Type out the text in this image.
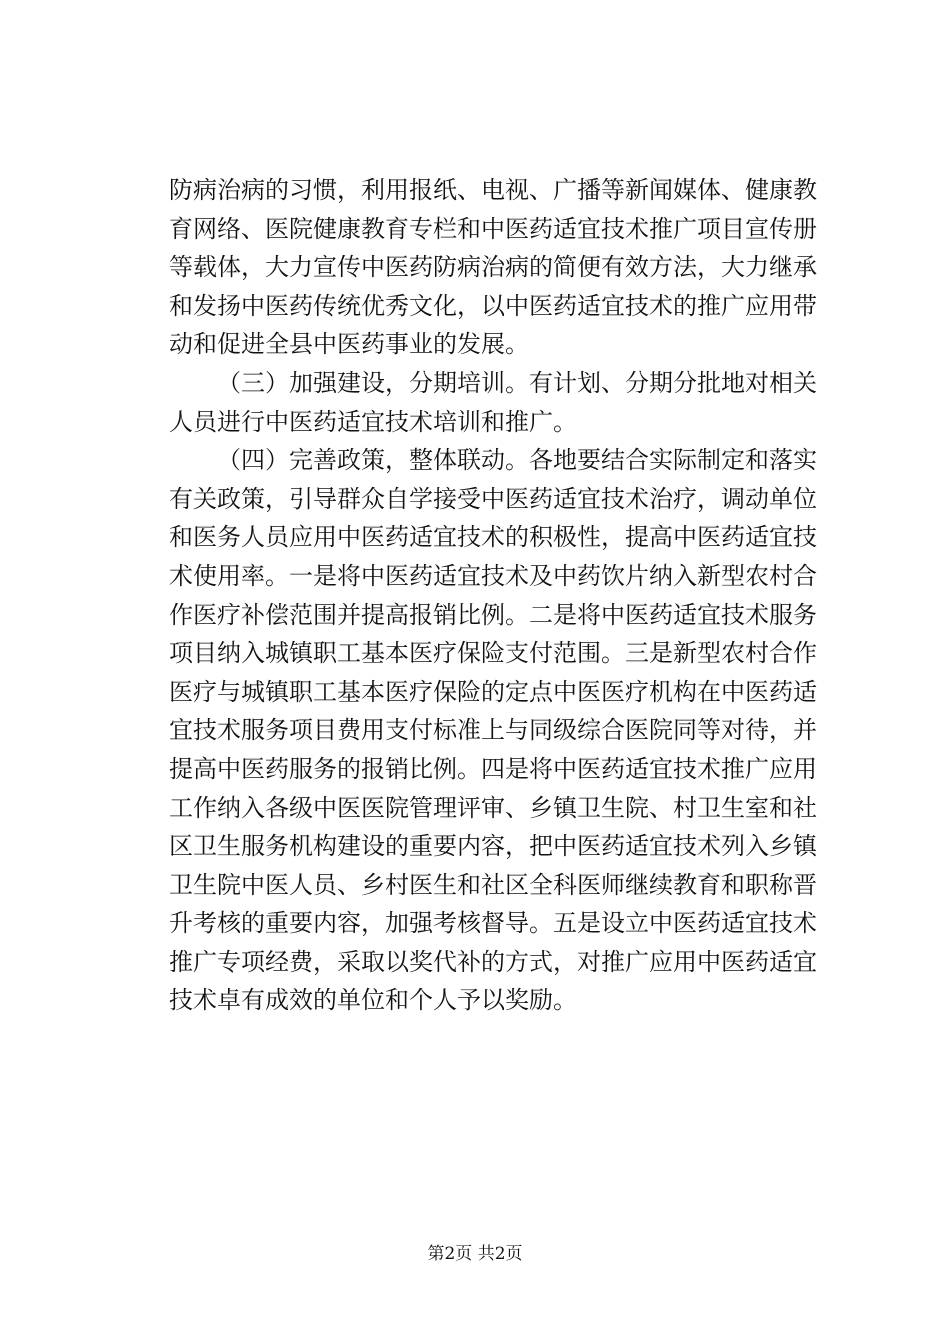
防病治病的习惯，利用报纸、电视、广播等新闻媒体、健康教
育网络、医院健康教育专栏和中医药适宜技术推广项目宣传册
等载体，大力宣传中医药防病治病的简便有效方法，大力继承
和发扬中医药传统优秀文化，以中医药适宜技术的推广应用带
动和促进全县中医药事业的发展。
（三）加强建设，分期培训。有计划、分期分批地对相关
人员进行中医药适宜技术培训和推广。
（四）完善政策，整体联动。各地要结合实际制定和落实
有关政策，引导群众自学接受中医药适宜技术治疗，调动单位
和医务人员应用中医药适宜技术的积极性，提高中医药适宜技
术使用率。一是将中医药适宜技术及中药饮片纳入新型农村合
作医疗补偿范围并提高报销比例。二是将中医药适宜技术服务
项目纳入城镇职工基本医疗保险支付范围。三是新型农村合作
医疗与城镇职工基本医疗保险的定点中医医疗机构在中医药适
宜技术服务项目费用支付标准上与同级综合医院同等对待，并
提高中医药服务的报销比例。四是将中医药适宜技术推广应用
工作纳入各级中医医院管理评审、乡镇卫生院、村卫生室和社
区卫生服务机构建设的重要内容，把中医药适宜技术列入乡镇
卫生院中医人员、乡村医生和社区全科医师继续教育和职称晋
升考核的重要内容，加强考核督导。五是设立中医药适宜技术
推广专项经费，采取以奖代补的方式，对推广应用中医药适宜
技术卓有成效的单位和个人予以奖励。
第2页 共2页
